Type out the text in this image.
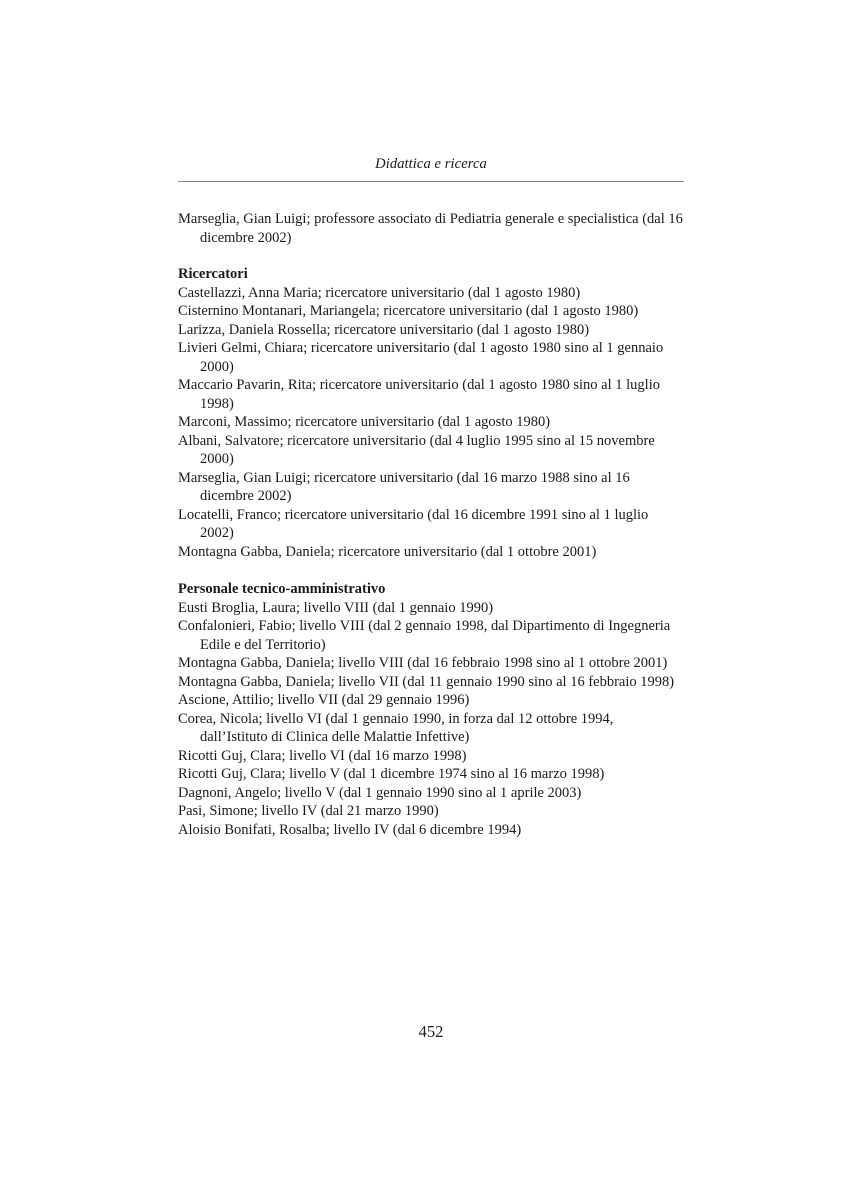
Didattica e ricerca

Marseglia, Gian Luigi; professore associato di Pediatria generale e specialistica (dal 16 dicembre 2002)

Ricercatori

Castellazzi, Anna Maria; ricercatore universitario (dal 1 agosto 1980)

Cisternino Montanari, Mariangela; ricercatore universitario (dal 1 agosto 1980)

Larizza, Daniela Rossella; ricercatore universitario (dal 1 agosto 1980)

Livieri Gelmi, Chiara; ricercatore universitario (dal 1 agosto 1980 sino al 1 gennaio 2000)

Maccario Pavarin, Rita; ricercatore universitario (dal 1 agosto 1980 sino al 1 luglio 1998)

Marconi, Massimo; ricercatore universitario (dal 1 agosto 1980)

Albani, Salvatore; ricercatore universitario (dal 4 luglio 1995 sino al 15 novembre 2000)

Marseglia, Gian Luigi; ricercatore universitario (dal 16 marzo 1988 sino al 16 dicembre 2002)

Locatelli, Franco; ricercatore universitario (dal 16 dicembre 1991 sino al 1 luglio 2002)

Montagna Gabba, Daniela; ricercatore universitario (dal 1 ottobre 2001)

Personale tecnico-amministrativo

Eusti Broglia, Laura; livello VIII (dal 1 gennaio 1990)

Confalonieri, Fabio; livello VIII (dal 2 gennaio 1998, dal Dipartimento di Ingegneria Edile e del Territorio)

Montagna Gabba, Daniela; livello VIII (dal 16 febbraio 1998 sino al 1 ottobre 2001)

Montagna Gabba, Daniela; livello VII (dal 11 gennaio 1990 sino al 16 febbraio 1998)

Ascione, Attilio; livello VII (dal 29 gennaio 1996)

Corea, Nicola; livello VI (dal 1 gennaio 1990, in forza dal 12 ottobre 1994, dall’Istituto di Clinica delle Malattie Infettive)

Ricotti Guj, Clara; livello VI (dal 16 marzo 1998)

Ricotti Guj, Clara; livello V (dal 1 dicembre 1974 sino al 16 marzo 1998)

Dagnoni, Angelo; livello V (dal 1 gennaio 1990 sino al 1 aprile 2003)

Pasi, Simone; livello IV (dal 21 marzo 1990)

Aloisio Bonifati, Rosalba; livello IV (dal 6 dicembre 1994)

452
